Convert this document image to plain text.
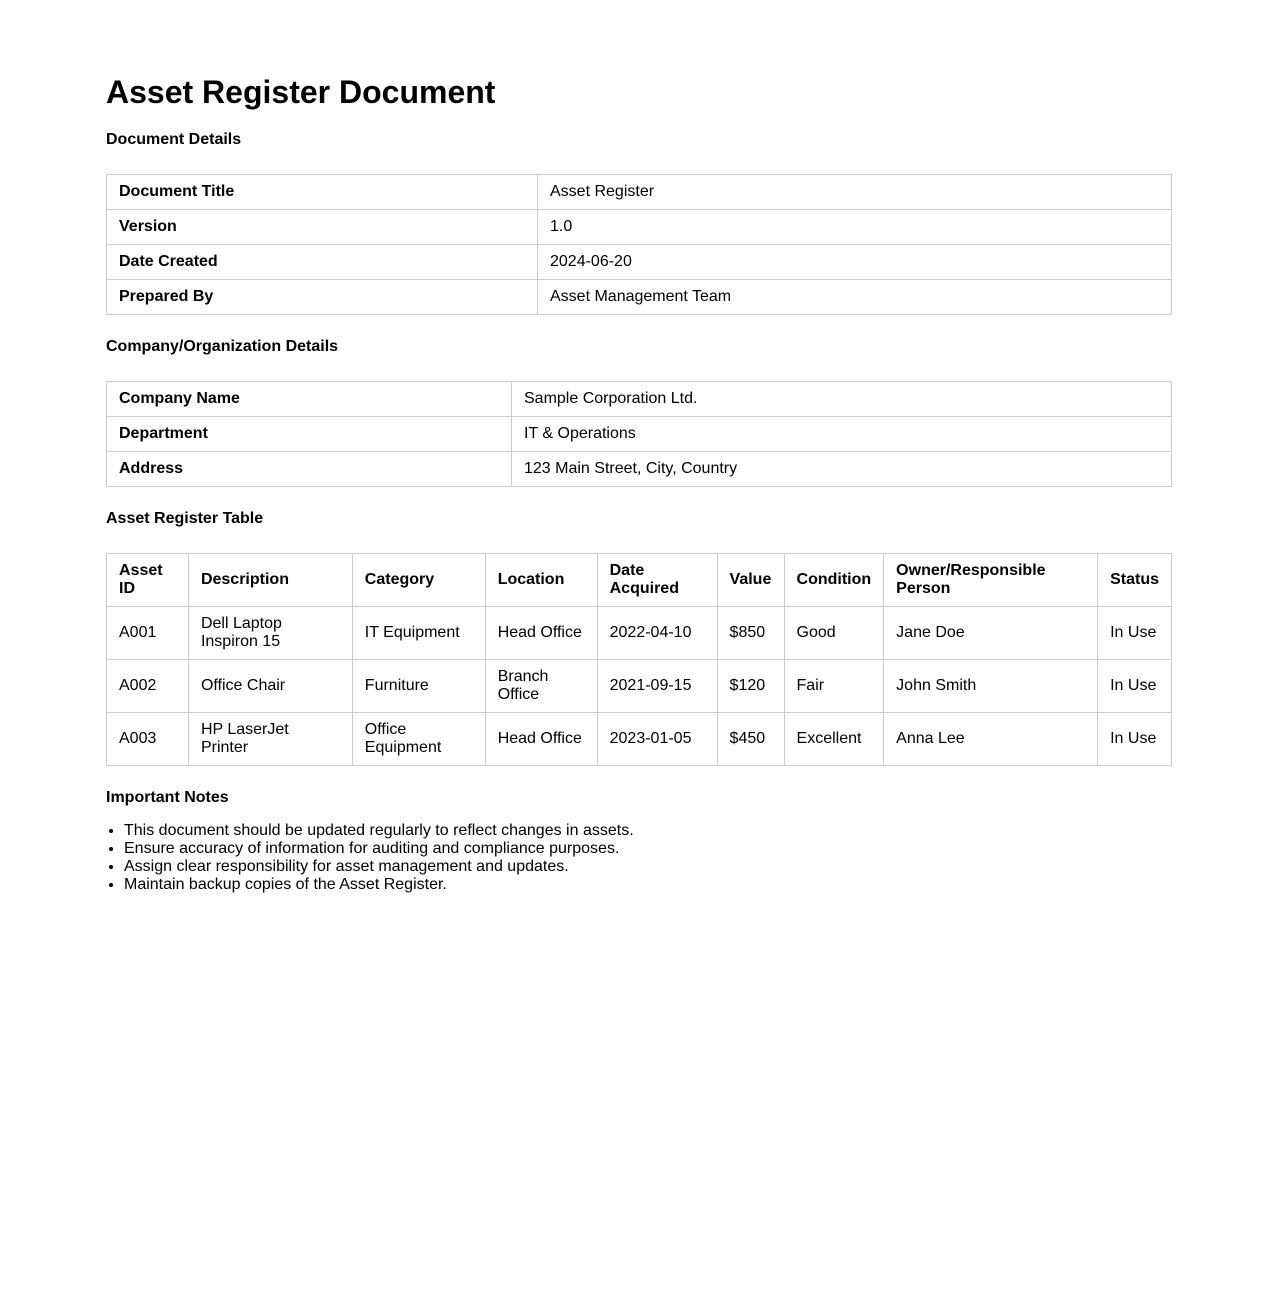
Asset Register Document
Document Details
Document Title	Asset Register
Version	1.0
Date Created	2024-06-20
Prepared By	Asset Management Team
Company/Organization Details
Company Name	Sample Corporation Ltd.
Department	IT & Operations
Address	123 Main Street, City, Country
Asset Register Table
Asset ID	Description	Category	Location	Date Acquired	Value	Condition	Owner/Responsible Person	Status
A001	Dell Laptop Inspiron 15	IT Equipment	Head Office	2022-04-10	$850	Good	Jane Doe	In Use
A002	Office Chair	Furniture	Branch Office	2021-09-15	$120	Fair	John Smith	In Use
A003	HP LaserJet Printer	Office Equipment	Head Office	2023-01-05	$450	Excellent	Anna Lee	In Use
Important Notes
• This document should be updated regularly to reflect changes in assets.
• Ensure accuracy of information for auditing and compliance purposes.
• Assign clear responsibility for asset management and updates.
• Maintain backup copies of the Asset Register.
